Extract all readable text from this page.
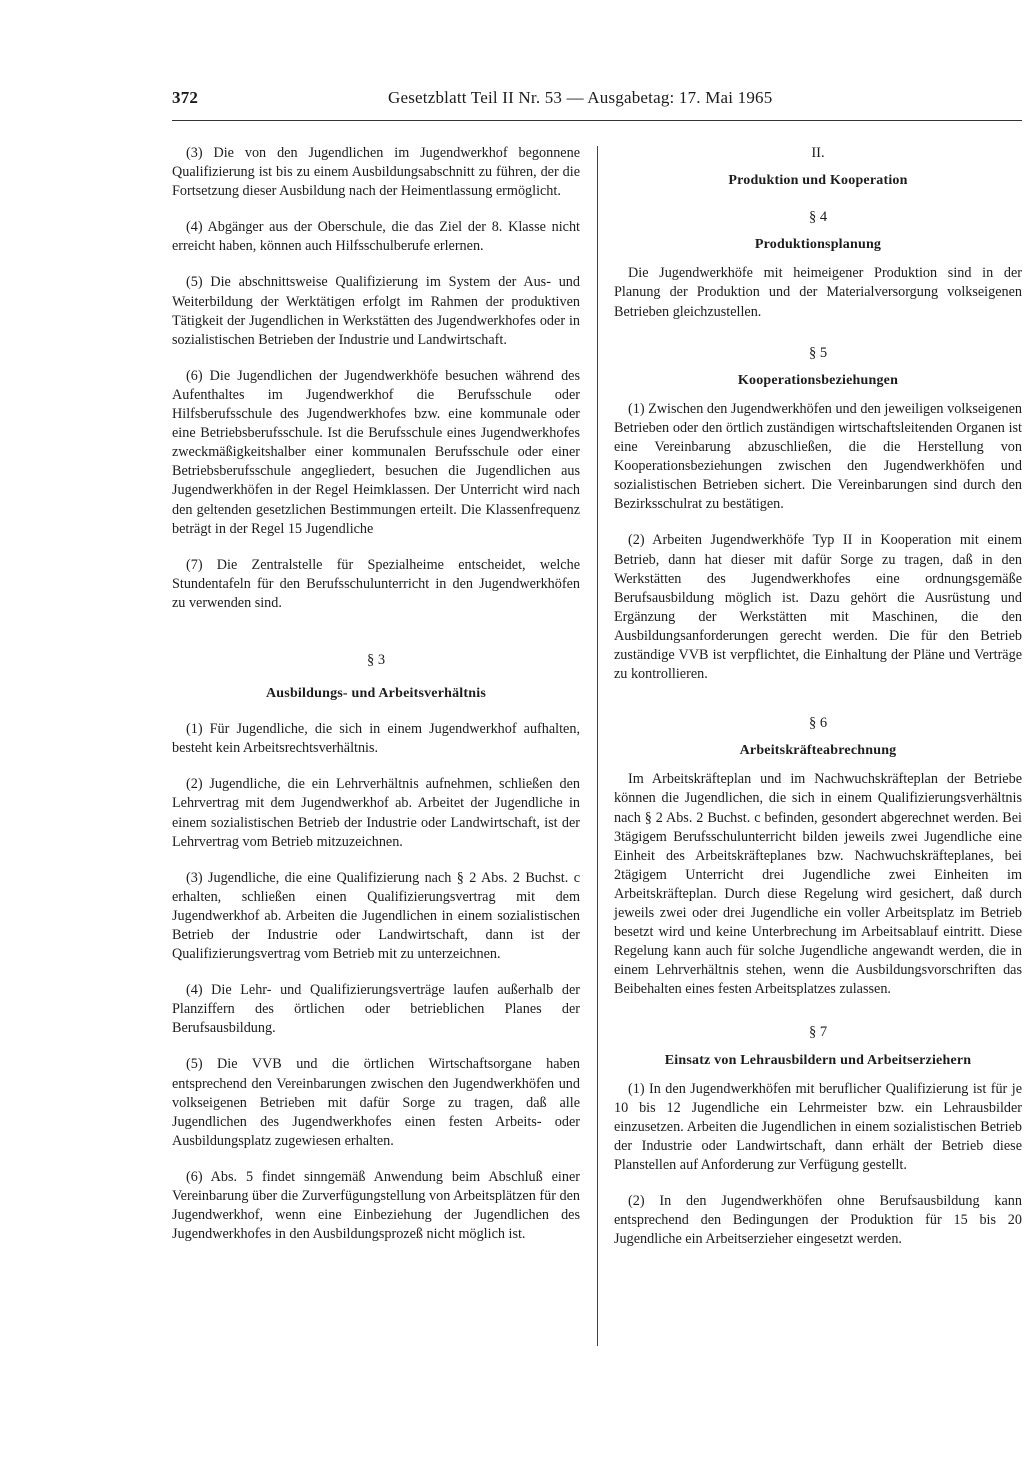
372	Gesetzblatt Teil II Nr. 53 — Ausgabetag: 17. Mai 1965

(3) Die von den Jugendlichen im Jugendwerkhof begonnene Qualifizierung ist bis zu einem Ausbildungsabschnitt zu führen, der die Fortsetzung dieser Ausbildung nach der Heimentlassung ermöglicht.

(4) Abgänger aus der Oberschule, die das Ziel der 8. Klasse nicht erreicht haben, können auch Hilfsschulberufe erlernen.

(5) Die abschnittsweise Qualifizierung im System der Aus- und Weiterbildung der Werktätigen erfolgt im Rahmen der produktiven Tätigkeit der Jugendlichen in Werkstätten des Jugendwerkhofes oder in sozialistischen Betrieben der Industrie und Landwirtschaft.

(6) Die Jugendlichen der Jugendwerkhöfe besuchen während des Aufenthaltes im Jugendwerkhof die Berufsschule oder Hilfsberufsschule des Jugendwerkhofes bzw. eine kommunale oder eine Betriebsberufsschule. Ist die Berufsschule eines Jugendwerkhofes zweckmäßigkeitshalber einer kommunalen Berufsschule oder einer Betriebsberufsschule angegliedert, besuchen die Jugendlichen aus Jugendwerkhöfen in der Regel Heimklassen. Der Unterricht wird nach den geltenden gesetzlichen Bestimmungen erteilt. Die Klassenfrequenz beträgt in der Regel 15 Jugendliche

(7) Die Zentralstelle für Spezialheime entscheidet, welche Stundentafeln für den Berufsschulunterricht in den Jugendwerkhöfen zu verwenden sind.

§ 3
Ausbildungs- und Arbeitsverhältnis

(1) Für Jugendliche, die sich in einem Jugendwerkhof aufhalten, besteht kein Arbeitsrechtsverhältnis.

(2) Jugendliche, die ein Lehrverhältnis aufnehmen, schließen den Lehrvertrag mit dem Jugendwerkhof ab. Arbeitet der Jugendliche in einem sozialistischen Betrieb der Industrie oder Landwirtschaft, ist der Lehrvertrag vom Betrieb mitzuzeichnen.

(3) Jugendliche, die eine Qualifizierung nach § 2 Abs. 2 Buchst. c erhalten, schließen einen Qualifizierungsvertrag mit dem Jugendwerkhof ab. Arbeiten die Jugendlichen in einem sozialistischen Betrieb der Industrie oder Landwirtschaft, dann ist der Qualifizierungsvertrag vom Betrieb mit zu unterzeichnen.

(4) Die Lehr- und Qualifizierungsverträge laufen außerhalb der Planziffern des örtlichen oder betrieblichen Planes der Berufsausbildung.

(5) Die VVB und die örtlichen Wirtschaftsorgane haben entsprechend den Vereinbarungen zwischen den Jugendwerkhöfen und volkseigenen Betrieben mit dafür Sorge zu tragen, daß alle Jugendlichen des Jugendwerkhofes einen festen Arbeits- oder Ausbildungsplatz zugewiesen erhalten.

(6) Abs. 5 findet sinngemäß Anwendung beim Abschluß einer Vereinbarung über die Zurverfügungstellung von Arbeitsplätzen für den Jugendwerkhof, wenn eine Einbeziehung der Jugendlichen des Jugendwerkhofes in den Ausbildungsprozeß nicht möglich ist.

II.
Produktion und Kooperation
§ 4
Produktionsplanung

Die Jugendwerkhöfe mit heimeigener Produktion sind in der Planung der Produktion und der Materialversorgung volkseigenen Betrieben gleichzustellen.

§ 5
Kooperationsbeziehungen

(1) Zwischen den Jugendwerkhöfen und den jeweiligen volkseigenen Betrieben oder den örtlich zuständigen wirtschaftsleitenden Organen ist eine Vereinbarung abzuschließen, die die Herstellung von Kooperationsbeziehungen zwischen den Jugendwerkhöfen und sozialistischen Betrieben sichert. Die Vereinbarungen sind durch den Bezirksschulrat zu bestätigen.

(2) Arbeiten Jugendwerkhöfe Typ II in Kooperation mit einem Betrieb, dann hat dieser mit dafür Sorge zu tragen, daß in den Werkstätten des Jugendwerkhofes eine ordnungsgemäße Berufsausbildung möglich ist. Dazu gehört die Ausrüstung und Ergänzung der Werkstätten mit Maschinen, die den Ausbildungsanforderungen gerecht werden. Die für den Betrieb zuständige VVB ist verpflichtet, die Einhaltung der Pläne und Verträge zu kontrollieren.

§ 6
Arbeitskräfteabrechnung

Im Arbeitskräfteplan und im Nachwuchskräfteplan der Betriebe können die Jugendlichen, die sich in einem Qualifizierungsverhältnis nach § 2 Abs. 2 Buchst. c befinden, gesondert abgerechnet werden. Bei 3tägigem Berufsschulunterricht bilden jeweils zwei Jugendliche eine Einheit des Arbeitskräfteplanes bzw. Nachwuchskräfteplanes, bei 2tägigem Unterricht drei Jugendliche zwei Einheiten im Arbeitskräfteplan. Durch diese Regelung wird gesichert, daß durch jeweils zwei oder drei Jugendliche ein voller Arbeitsplatz im Betrieb besetzt wird und keine Unterbrechung im Arbeitsablauf eintritt. Diese Regelung kann auch für solche Jugendliche angewandt werden, die in einem Lehrverhältnis stehen, wenn die Ausbildungsvorschriften das Beibehalten eines festen Arbeitsplatzes zulassen.

§ 7
Einsatz von Lehrausbildern und Arbeitserziehern

(1) In den Jugendwerkhöfen mit beruflicher Qualifizierung ist für je 10 bis 12 Jugendliche ein Lehrmeister bzw. ein Lehrausbilder einzusetzen. Arbeiten die Jugendlichen in einem sozialistischen Betrieb der Industrie oder Landwirtschaft, dann erhält der Betrieb diese Planstellen auf Anforderung zur Verfügung gestellt.

(2) In den Jugendwerkhöfen ohne Berufsausbildung kann entsprechend den Bedingungen der Produktion für 15 bis 20 Jugendliche ein Arbeitserzieher eingesetzt werden.
